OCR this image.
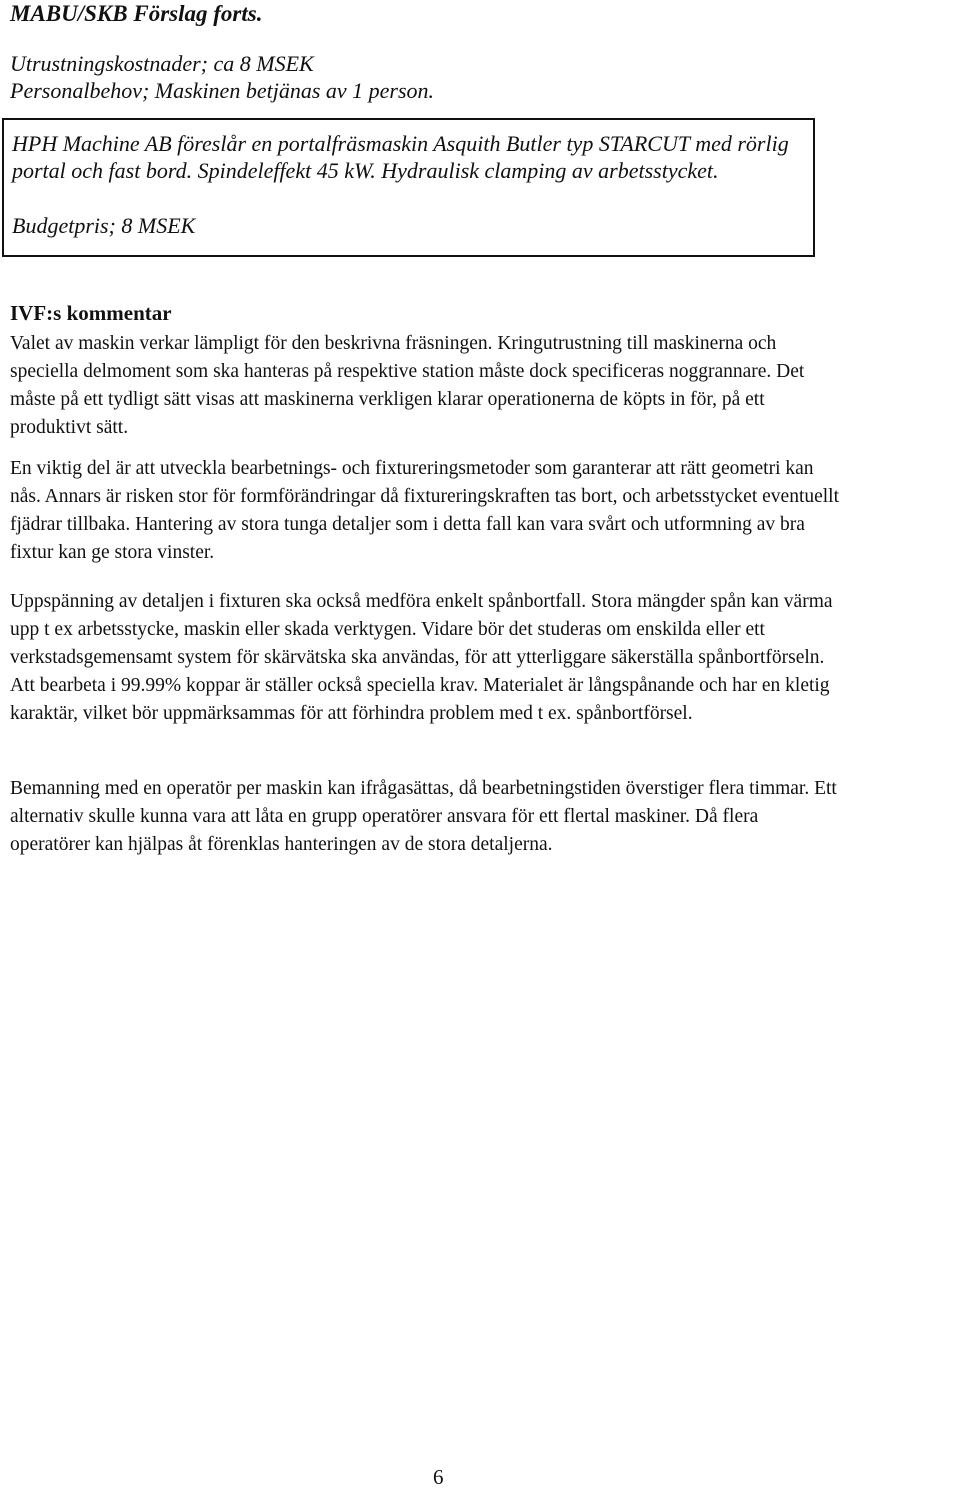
MABU/SKB Förslag forts.

Utrustningskostnader; ca 8 MSEK

Personalbehov; Maskinen betjänas av 1 person.

HPH Machine AB föreslår en portalfräsmaskin Asquith Butler typ STARCUT med rörlig portal och fast bord. Spindeleffekt 45 kW. Hydraulisk clamping av arbetsstycket.

Budgetpris; 8 MSEK

IVF:s kommentar

Valet av maskin verkar lämpligt för den beskrivna fräsningen. Kringutrustning till maskinerna och speciella delmoment som ska hanteras på respektive station måste dock specificeras noggrannare. Det måste på ett tydligt sätt visas att maskinerna verkligen klarar operationerna de köpts in för, på ett produktivt sätt.

En viktig del är att utveckla bearbetnings- och fixtureringsmetoder som garanterar att rätt geometri kan nås. Annars är risken stor för formförändringar då fixtureringskraften tas bort, och arbetsstycket eventuellt fjädrar tillbaka. Hantering av stora tunga detaljer som i detta fall kan vara svårt och utformning av bra fixtur kan ge stora vinster.

Uppspänning av detaljen i fixturen ska också medföra enkelt spånbortfall. Stora mängder spån kan värma upp t ex arbetsstycke, maskin eller skada verktygen. Vidare bör det studeras om enskilda eller ett verkstadsgemensamt system för skärvätska ska användas, för att ytterliggare säkerställa spånbortförseln. Att bearbeta i 99.99% koppar är ställer också speciella krav. Materialet är långspånande och har en kletig karaktär, vilket bör uppmärksammas för att förhindra problem med t ex. spånbortförsel.

Bemanning med en operatör per maskin kan ifrågasättas, då bearbetningstiden överstiger flera timmar. Ett alternativ skulle kunna vara att låta en grupp operatörer ansvara för ett flertal maskiner. Då flera operatörer kan hjälpas åt förenklas hanteringen av de stora detaljerna.

6
